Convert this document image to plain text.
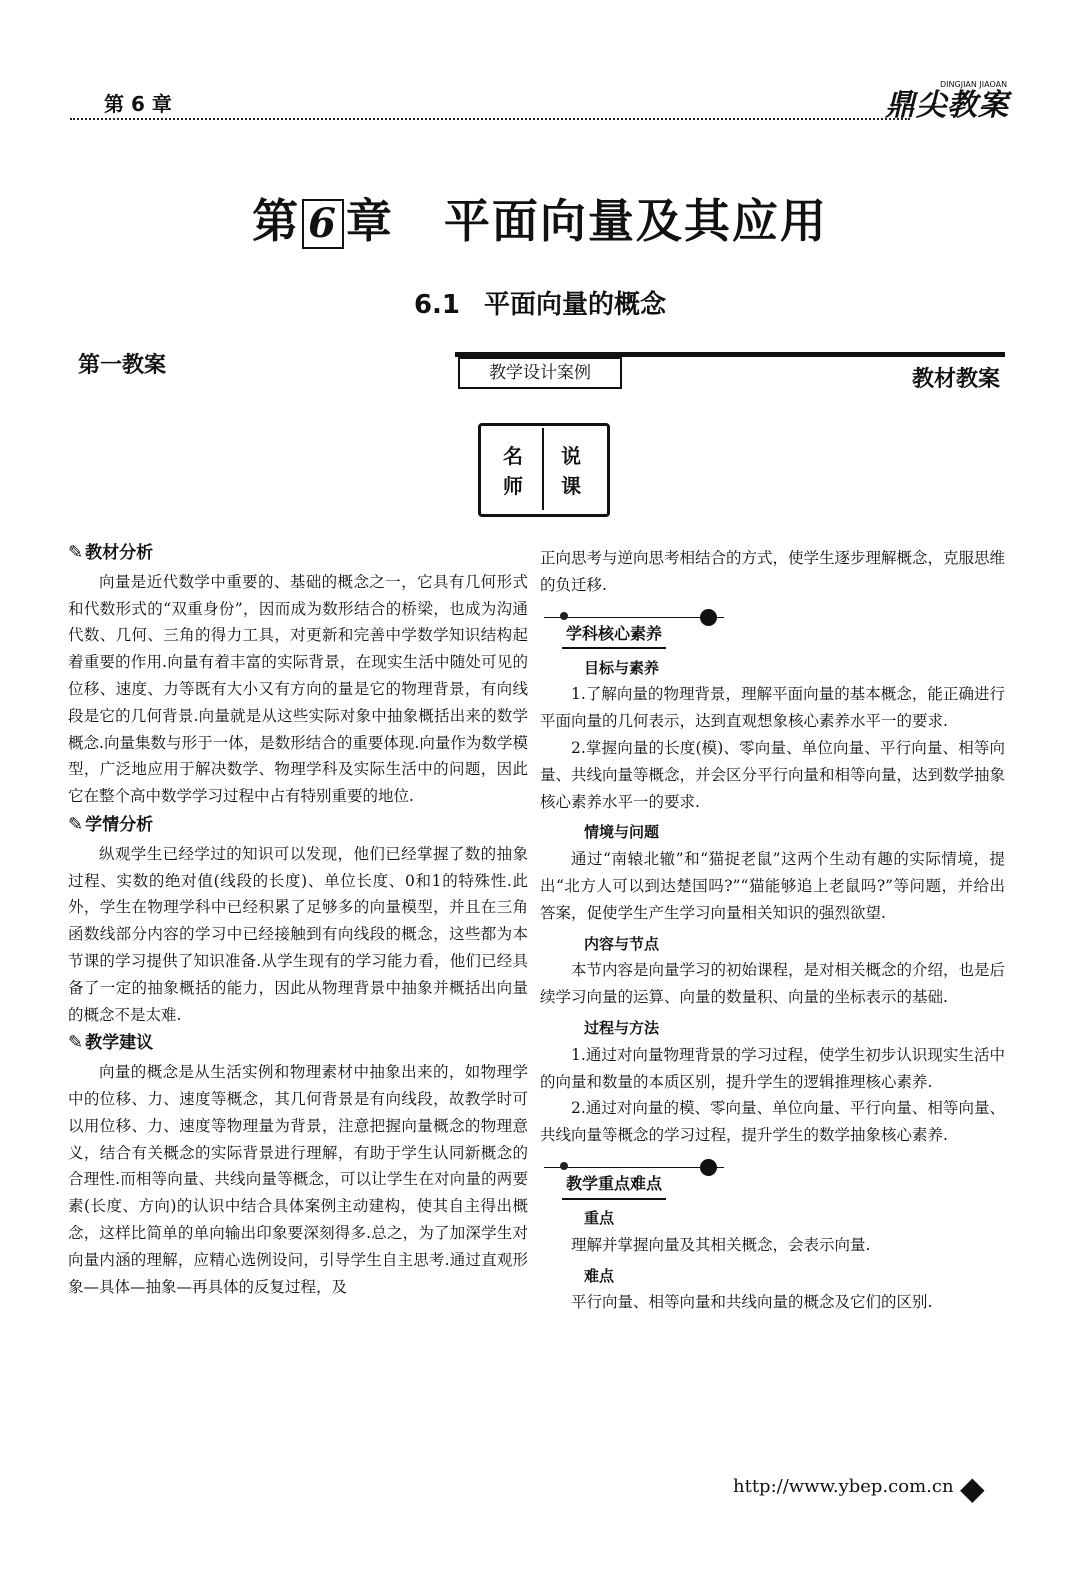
第 6 章	鼎尖教案
DINGJIAN JIAOAN
第 6 章 平面向量及其应用
6.1 平面向量的概念
第一教案	教学设计案例	教材教案
名 说
师 课
✎ 教材分析

向量是近代数学中重要的、基础的概念之一，它具有几何形式和代数形式的“双重身份”，因而成为数形结合的桥梁，也成为沟通代数、几何、三角的得力工具，对更新和完善中学数学知识结构起着重要的作用.向量有着丰富的实际背景，在现实生活中随处可见的位移、速度、力等既有大小又有方向的量是它的物理背景，有向线段是它的几何背景.向量就是从这些实际对象中抽象概括出来的数学概念.向量集数与形于一体，是数形结合的重要体现.向量作为数学模型，广泛地应用于解决数学、物理学科及实际生活中的问题，因此它在整个高中数学学习过程中占有特别重要的地位.

✎ 学情分析

纵观学生已经学过的知识可以发现，他们已经掌握了数的抽象过程、实数的绝对值(线段的长度)、单位长度、0和1的特殊性.此外，学生在物理学科中已经积累了足够多的向量模型，并且在三角函数线部分内容的学习中已经接触到有向线段的概念，这些都为本节课的学习提供了知识准备.从学生现有的学习能力看，他们已经具备了一定的抽象概括的能力，因此从物理背景中抽象并概括出向量的概念不是太难.

✎ 教学建议

向量的概念是从生活实例和物理素材中抽象出来的，如物理学中的位移、力、速度等概念，其几何背景是有向线段，故教学时可以用位移、力、速度等物理量为背景，注意把握向量概念的物理意义，结合有关概念的实际背景进行理解，有助于学生认同新概念的合理性.而相等向量、共线向量等概念，可以让学生在对向量的两要素(长度、方向)的认识中结合具体案例主动建构，使其自主得出概念，这样比简单的单向输出印象要深刻得多.总之，为了加深学生对向量内涵的理解，应精心选例设问，引导学生自主思考.通过直观形象—具体—抽象—再具体的反复过程，及

正向思考与逆向思考相结合的方式，使学生逐步理解概念，克服思维的负迁移.

学科核心素养
目标与素养

1.了解向量的物理背景，理解平面向量的基本概念，能正确进行平面向量的几何表示，达到直观想象核心素养水平一的要求.

2.掌握向量的长度(模)、零向量、单位向量、平行向量、相等向量、共线向量等概念，并会区分平行向量和相等向量，达到数学抽象核心素养水平一的要求.

情境与问题

通过“南辕北辙”和“猫捉老鼠”这两个生动有趣的实际情境，提出“北方人可以到达楚国吗?”“猫能够追上老鼠吗?”等问题，并给出答案，促使学生产生学习向量相关知识的强烈欲望.

内容与节点

本节内容是向量学习的初始课程，是对相关概念的介绍，也是后续学习向量的运算、向量的数量积、向量的坐标表示的基础.

过程与方法

1.通过对向量物理背景的学习过程，使学生初步认识现实生活中的向量和数量的本质区别，提升学生的逻辑推理核心素养.

2.通过对向量的模、零向量、单位向量、平行向量、相等向量、共线向量等概念的学习过程，提升学生的数学抽象核心素养.

教学重点难点
重点

理解并掌握向量及其相关概念，会表示向量.

难点

平行向量、相等向量和共线向量的概念及它们的区别.

http://www.ybep.com.cn ◆
